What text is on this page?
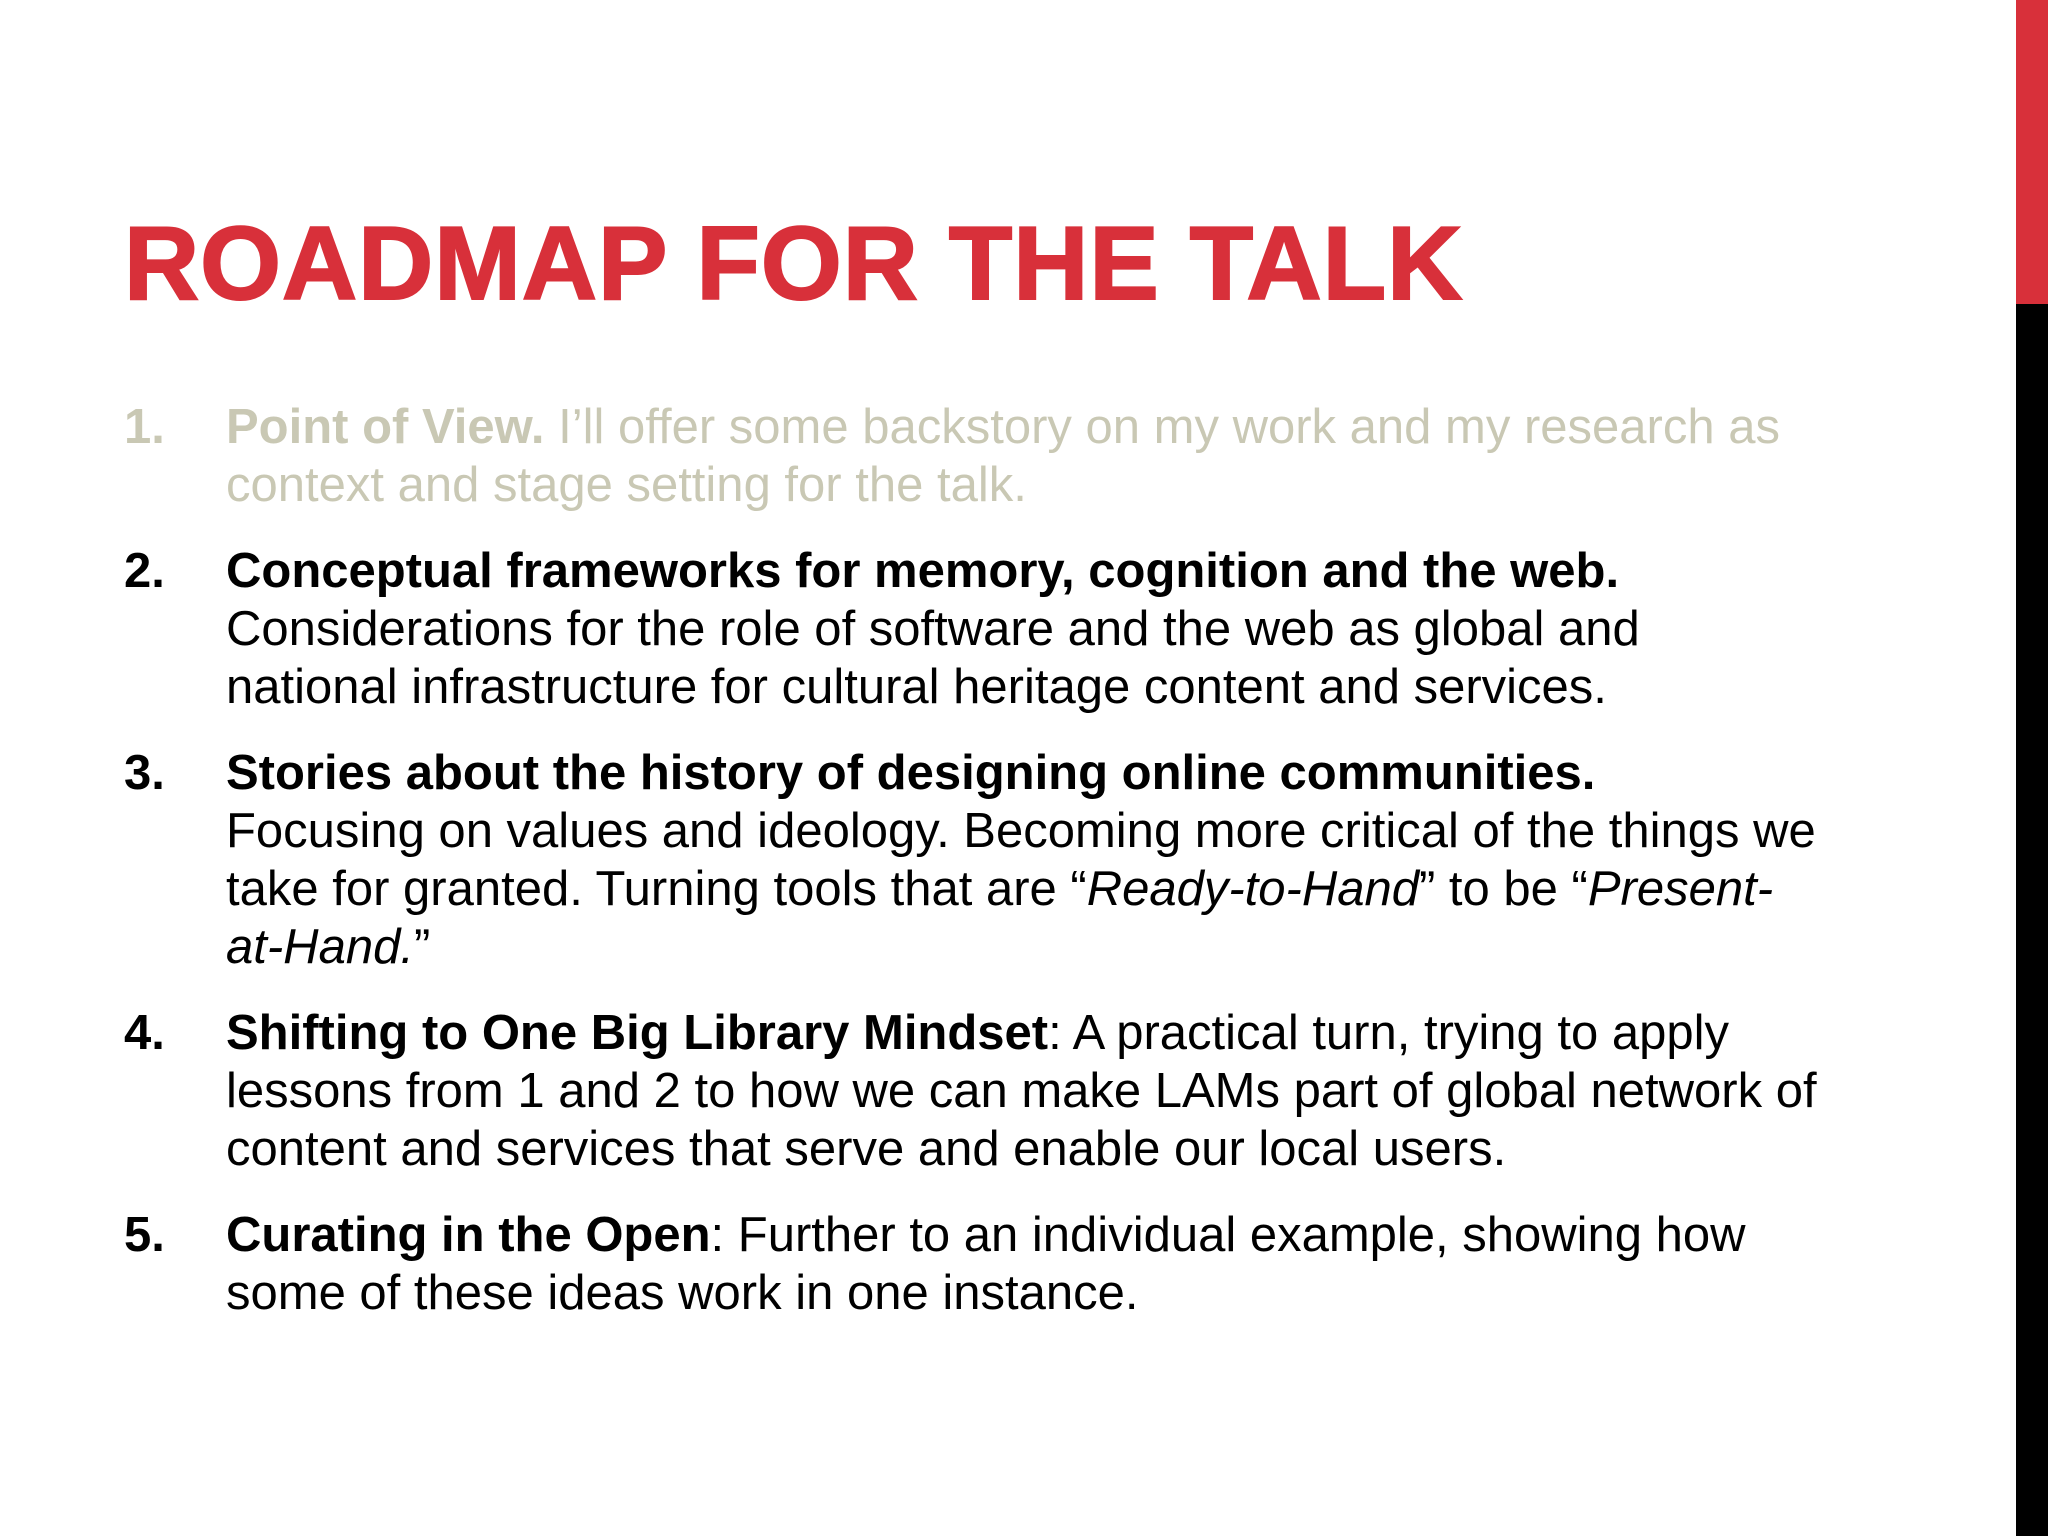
ROADMAP FOR THE TALK
1.	Point of View. I’ll offer some backstory on my work and my research as context and stage setting for the talk.
2.	Conceptual frameworks for memory, cognition and the web.
Considerations for the role of software and the web as global and national infrastructure for cultural heritage content and services.
3.	Stories about the history of designing online communities.
Focusing on values and ideology. Becoming more critical of the things we take for granted. Turning tools that are “Ready-to-Hand” to be “Present-at-Hand.”
4.	Shifting to One Big Library Mindset: A practical turn, trying to apply lessons from 1 and 2 to how we can make LAMs part of global network of content and services that serve and enable our local users.
5.	Curating in the Open: Further to an individual example, showing how some of these ideas work in one instance.
